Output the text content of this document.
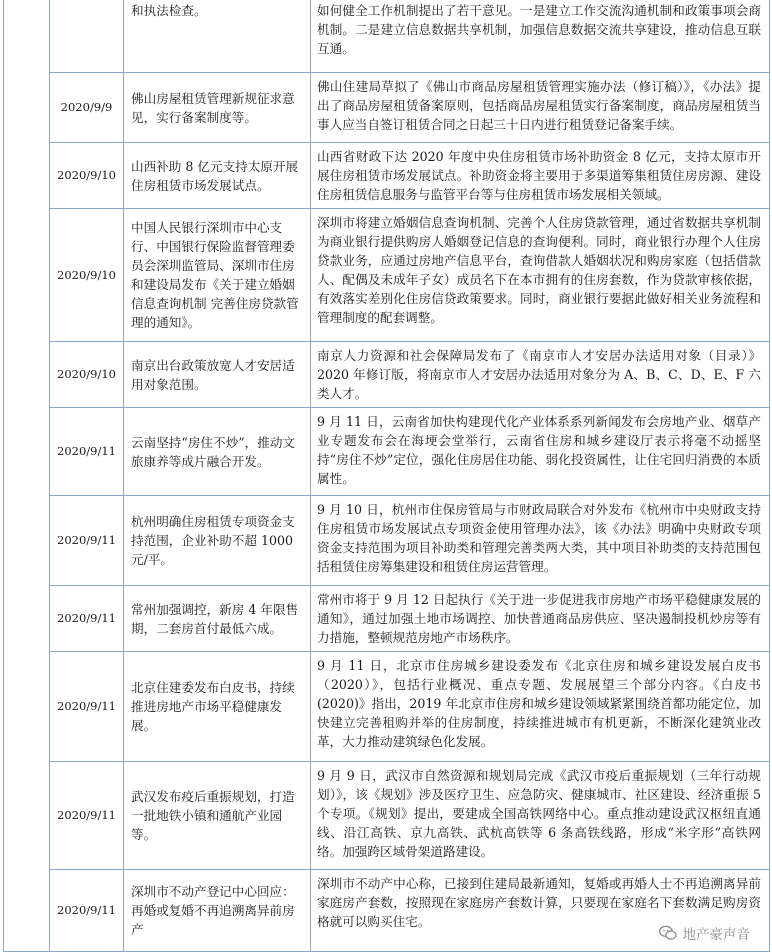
		和执法检查。	如何健全工作机制提出了若干意见。一是建立工作交流沟通机制和政策事项会商机制。二是建立信息数据共享机制，加强信息数据交流共享建设，推动信息互联互通。
	2020/9/9	佛山房屋租赁管理新规征求意见，实行备案制度等。	佛山住建局草拟了《佛山市商品房屋租赁管理实施办法（修订稿）》，《办法》提出了商品房屋租赁备案原则，包括商品房屋租赁实行备案制度，商品房屋租赁当事人应当自签订租赁合同之日起三十日内进行租赁登记备案手续。
	2020/9/10	山西补助 8 亿元支持太原开展住房租赁市场发展试点。	山西省财政下达 2020 年度中央住房租赁市场补助资金 8 亿元，支持太原市开展住房租赁市场发展试点。补助资金将主要用于多渠道筹集租赁住房房源、建设住房租赁信息服务与监管平台等与住房租赁市场发展相关领域。
	2020/9/10	中国人民银行深圳市中心支行、中国银行保险监督管理委员会深圳监管局、深圳市住房和建设局发布《关于建立婚姻信息查询机制 完善住房贷款管理的通知》。	深圳市将建立婚姻信息查询机制、完善个人住房贷款管理，通过省数据共享机制为商业银行提供购房人婚姻登记信息的查询便利。同时，商业银行办理个人住房贷款业务，应通过房地产信息平台，查询借款人婚姻状况和购房家庭（包括借款人、配偶及未成年子女）成员名下在本市拥有的住房套数，作为贷款审核依据，有效落实差别化住房信贷政策要求。同时，商业银行要据此做好相关业务流程和管理制度的配套调整。
	2020/9/10	南京出台政策放宽人才安居适用对象范围。	南京人力资源和社会保障局发布了《南京市人才安居办法适用对象（目录）》2020 年修订版，将南京市人才安居办法适用对象分为 A、B、C、D、E、F 六类人才。
	2020/9/11	云南坚持“房住不炒”，推动文旅康养等成片融合开发。	9 月 11 日，云南省加快构建现代化产业体系系列新闻发布会房地产业、烟草产业专题发布会在海埂会堂举行，云南省住房和城乡建设厅表示将毫不动摇坚持“房住不炒”定位，强化住房居住功能、弱化投资属性，让住宅回归消费的本质属性。
	2020/9/11	杭州明确住房租赁专项资金支持范围，企业补助不超 1000 元/平。	9 月 10 日，杭州市住保房管局与市财政局联合对外发布《杭州市中央财政支持住房租赁市场发展试点专项资金使用管理办法》，该《办法》明确中央财政专项资金支持范围为项目补助类和管理完善类两大类，其中项目补助类的支持范围包括租赁住房筹集建设和租赁住房运营管理。
	2020/9/11	常州加强调控，新房 4 年限售期，二套房首付最低六成。	常州市将于 9 月 12 日起执行《关于进一步促进我市房地产市场平稳健康发展的通知》，通过加强土地市场调控、加快普通商品房供应、坚决遏制投机炒房等有力措施，整顿规范房地产市场秩序。
	2020/9/11	北京住建委发布白皮书，持续推进房地产市场平稳健康发展。	9 月 11 日，北京市住房城乡建设委发布《北京住房和城乡建设发展白皮书（2020）》，包括行业概况、重点专题、发展展望三个部分内容。《白皮书 (2020)》指出，2019 年北京市住房和城乡建设领域紧紧围绕首都功能定位，加快建立完善租购并举的住房制度，持续推进城市有机更新，不断深化建筑业改革，大力推动建筑绿色化发展。
	2020/9/11	武汉发布疫后重振规划，打造一批地铁小镇和通航产业园等。	9 月 9 日，武汉市自然资源和规划局完成《武汉市疫后重振规划（三年行动规划）》，该《规划》涉及医疗卫生、应急防灾、健康城市、社区建设、经济重振 5 个专项。《规划》提出，要建成全国高铁网络中心。重点推动建设武汉枢纽直通线、沿江高铁、京九高铁、武杭高铁等 6 条高铁线路，形成“米字形”高铁网络。加强跨区域骨架道路建设。
	2020/9/11	深圳市不动产登记中心回应：再婚或复婚不再追溯离异前房产	深圳市不动产中心称，已接到住建局最新通知，复婚或再婚人士不再追溯离异前家庭房产套数，按照现在家庭房产套数计算，只要现在家庭名下套数满足购房资格就可以购买住宅。
地产豪声音
